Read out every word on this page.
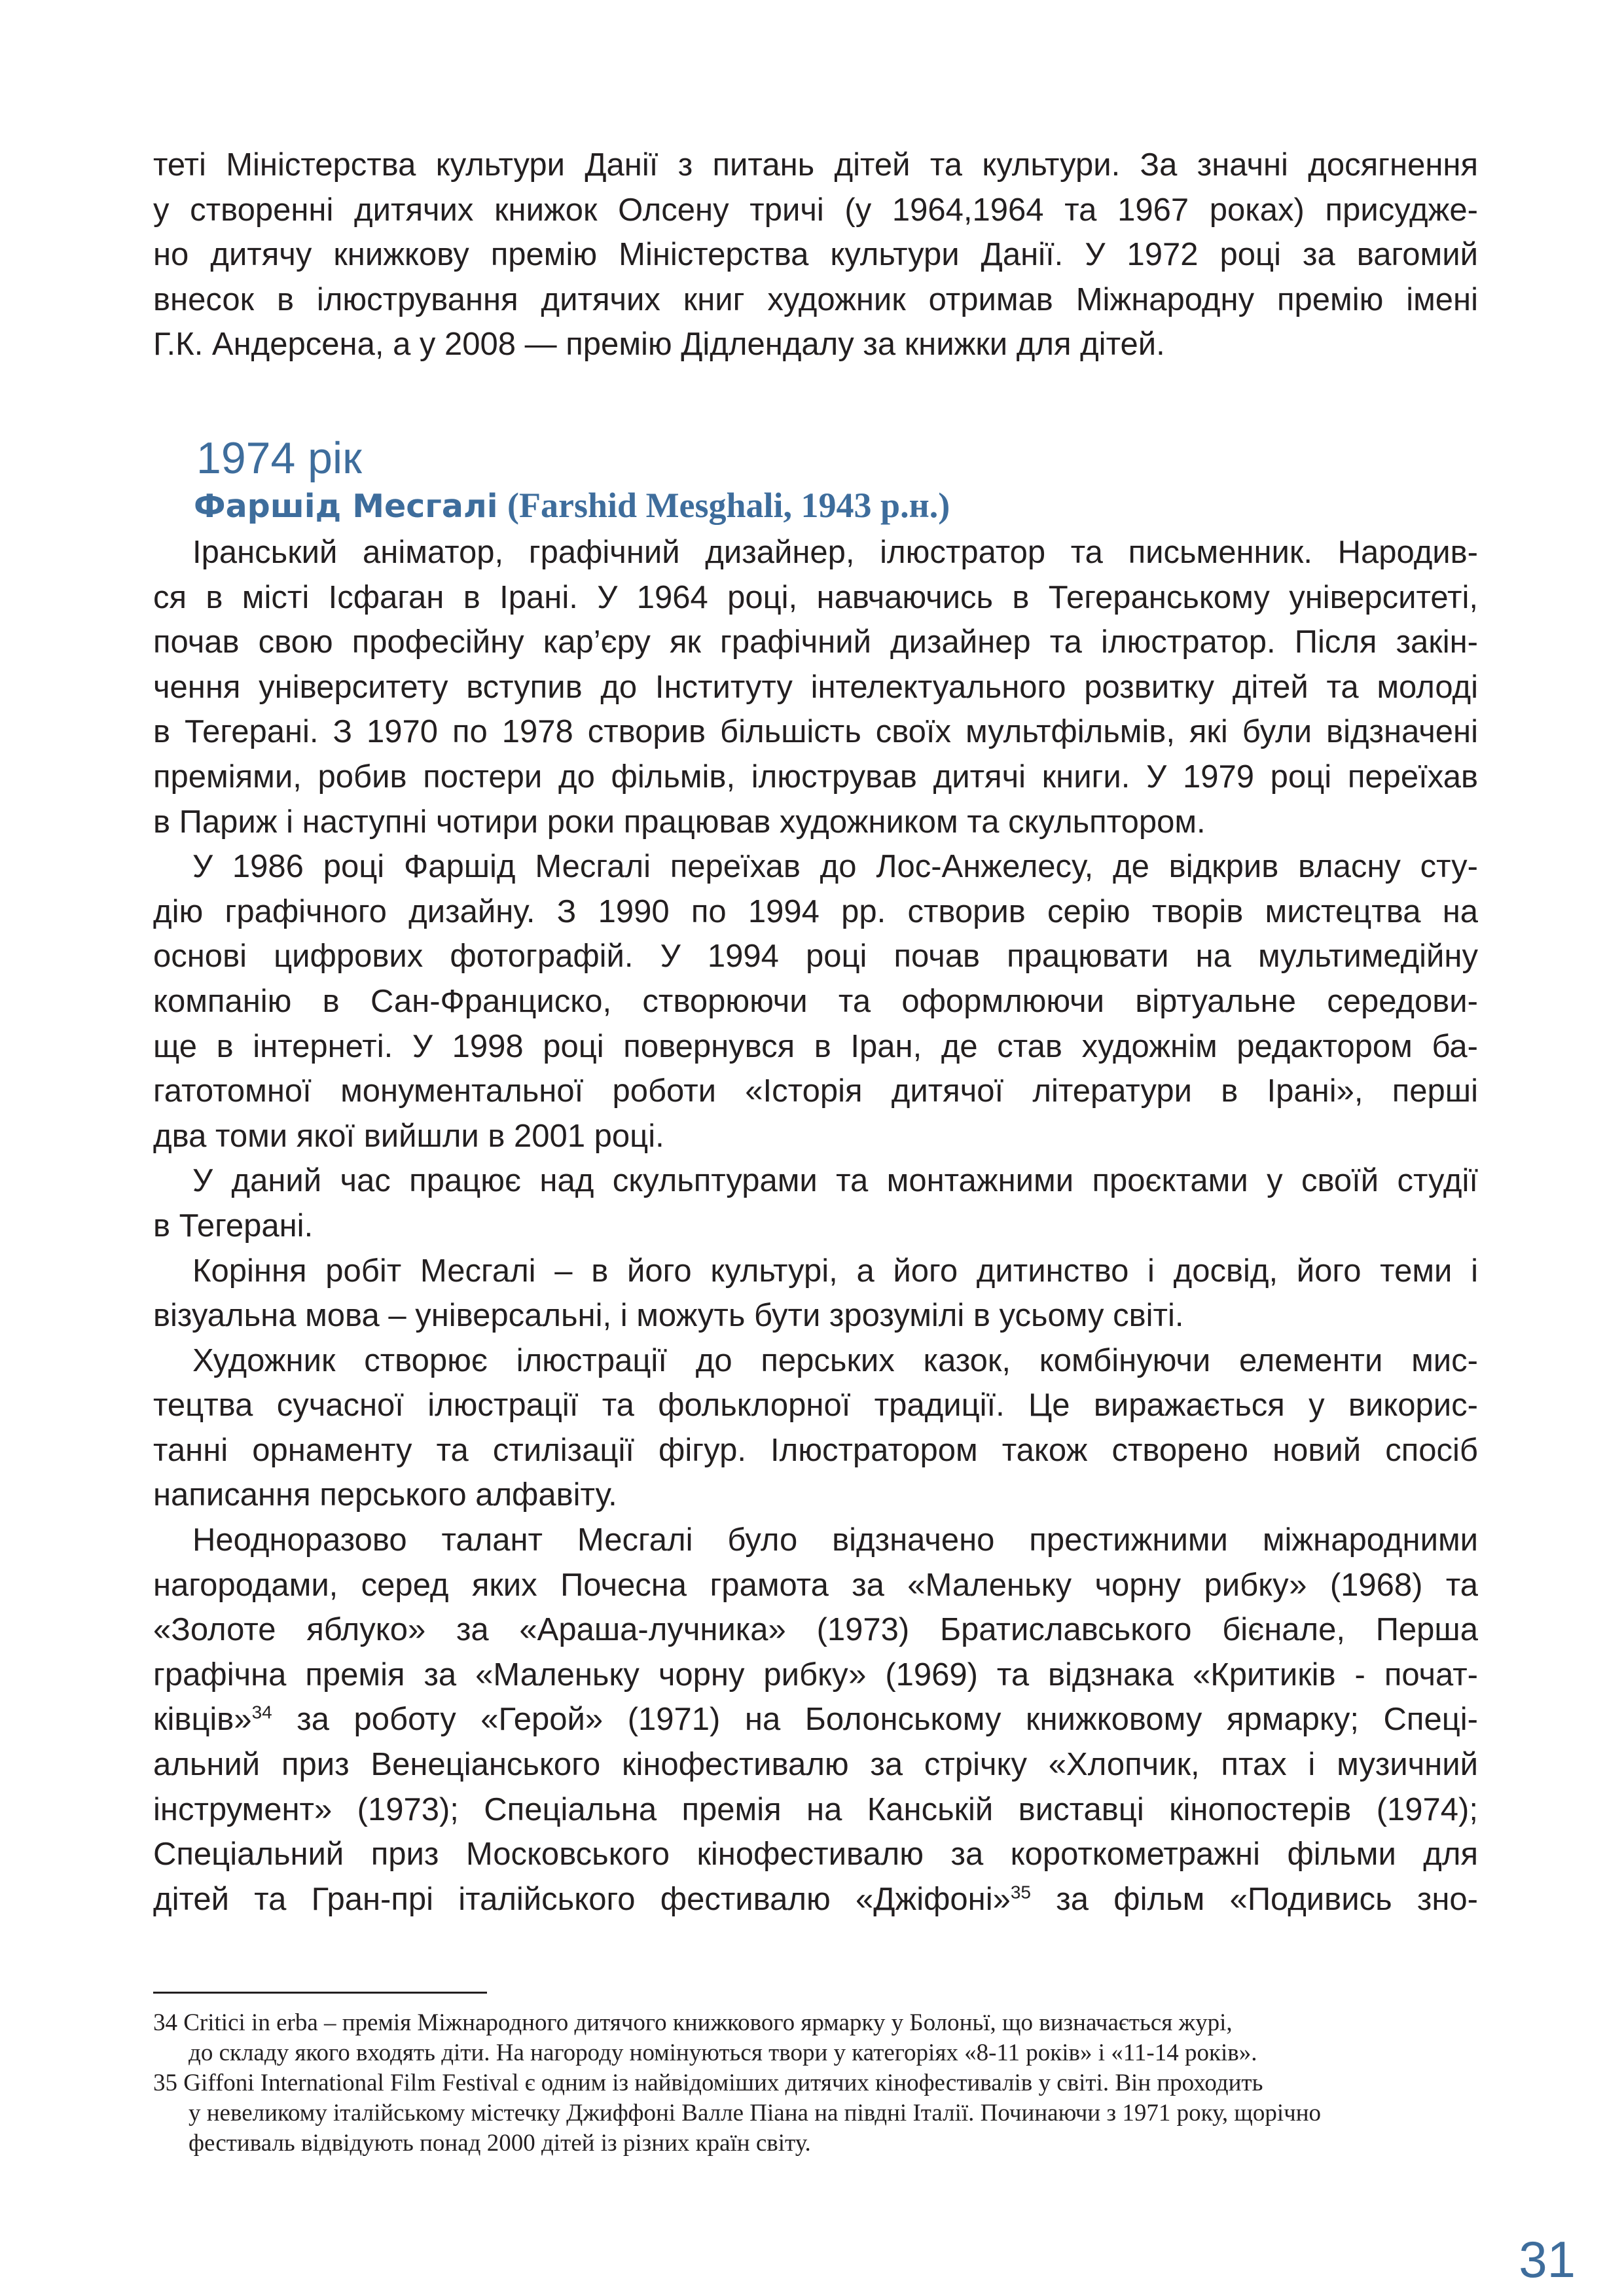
теті Міністерства культури Данії з питань дітей та культури. За значні досягнення
у створенні дитячих книжок Олсену тричі (у 1964,1964 та 1967 роках) присудже-
но дитячу книжкову премію Міністерства культури Данії. У 1972 році за вагомий
внесок в ілюстрування дитячих книг художник отримав Міжнародну премію імені
Г.К. Андерсена, а у 2008 — премію Дідлендалу за книжки для дітей.
1974 рік
Фаршід Месгалі (Farshid Mesghali, 1943 р.н.)
Іранський аніматор, графічний дизайнер, ілюстратор та письменник. Народив-
ся в місті Ісфаган в Ірані. У 1964 році, навчаючись в Тегеранському університеті,
почав свою професійну кар’єру як графічний дизайнер та ілюстратор. Після закін-
чення університету вступив до Інституту інтелектуального розвитку дітей та молоді
в Тегерані. З 1970 по 1978 створив більшість своїх мультфільмів, які були відзначені
преміями, робив постери до фільмів, ілюстрував дитячі книги. У 1979 році переїхав
в Париж і наступні чотири роки працював художником та скульптором.
У 1986 році Фаршід Месгалі переїхав до Лос-Анжелесу, де відкрив власну сту-
дію графічного дизайну. З 1990 по 1994 рр. створив серію творів мистецтва на
основі цифрових фотографій. У 1994 році почав працювати на мультимедійну
компанію в Сан-Франциско, створюючи та оформлюючи віртуальне середови-
ще в інтернеті. У 1998 році повернувся в Іран, де став художнім редактором ба-
гатотомної монументальної роботи «Історія дитячої літератури в Ірані», перші
два томи якої вийшли в 2001 році.
У даний час працює над скульптурами та монтажними проєктами у своїй студії
в Тегерані.
Коріння робіт Месгалі – в його культурі, а його дитинство і досвід, його теми і
візуальна мова – універсальні, і можуть бути зрозумілі в усьому світі.
Художник створює ілюстрації до перських казок, комбінуючи елементи мис-
тецтва сучасної ілюстрації та фольклорної традиції. Це виражається у викорис-
танні орнаменту та стилізації фігур. Ілюстратором також створено новий спосіб
написання перського алфавіту.
Неодноразово талант Месгалі було відзначено престижними міжнародними
нагородами, серед яких Почесна грамота за «Маленьку чорну рибку» (1968) та
«Золоте яблуко» за «Араша-лучника» (1973) Братиславського бієнале, Перша
графічна премія за «Маленьку чорну рибку» (1969) та відзнака «Критиків - почат-
ківців»$^{34}$ за роботу «Герой» (1971) на Болонському книжковому ярмарку; Спеці-
альний приз Венеціанського кінофестивалю за стрічку «Хлопчик, птах і музичний
інструмент» (1973); Спеціальна премія на Канській виставці кінопостерів (1974);
Спеціальний приз Московського кінофестивалю за короткометражні фільми для
дітей та Гран-прі італійського фестивалю «Джіфоні»$^{35}$ за фільм «Подивись зно-
34 Critici in erba – премія Міжнародного дитячого книжкового ярмарку у Болоньї, що визначається журі,
до складу якого входять діти. На нагороду номінуються твори у категоріях «8-11 років» і «11-14 років».
35 Giffoni International Film Festival є одним із найвідоміших дитячих кінофестивалів у світі. Він проходить
у невеликому італійському містечку Джиффоні Валле Піана на півдні Італії. Починаючи з 1971 року, щорічно
фестиваль відвідують понад 2000 дітей із різних країн світу.
31
